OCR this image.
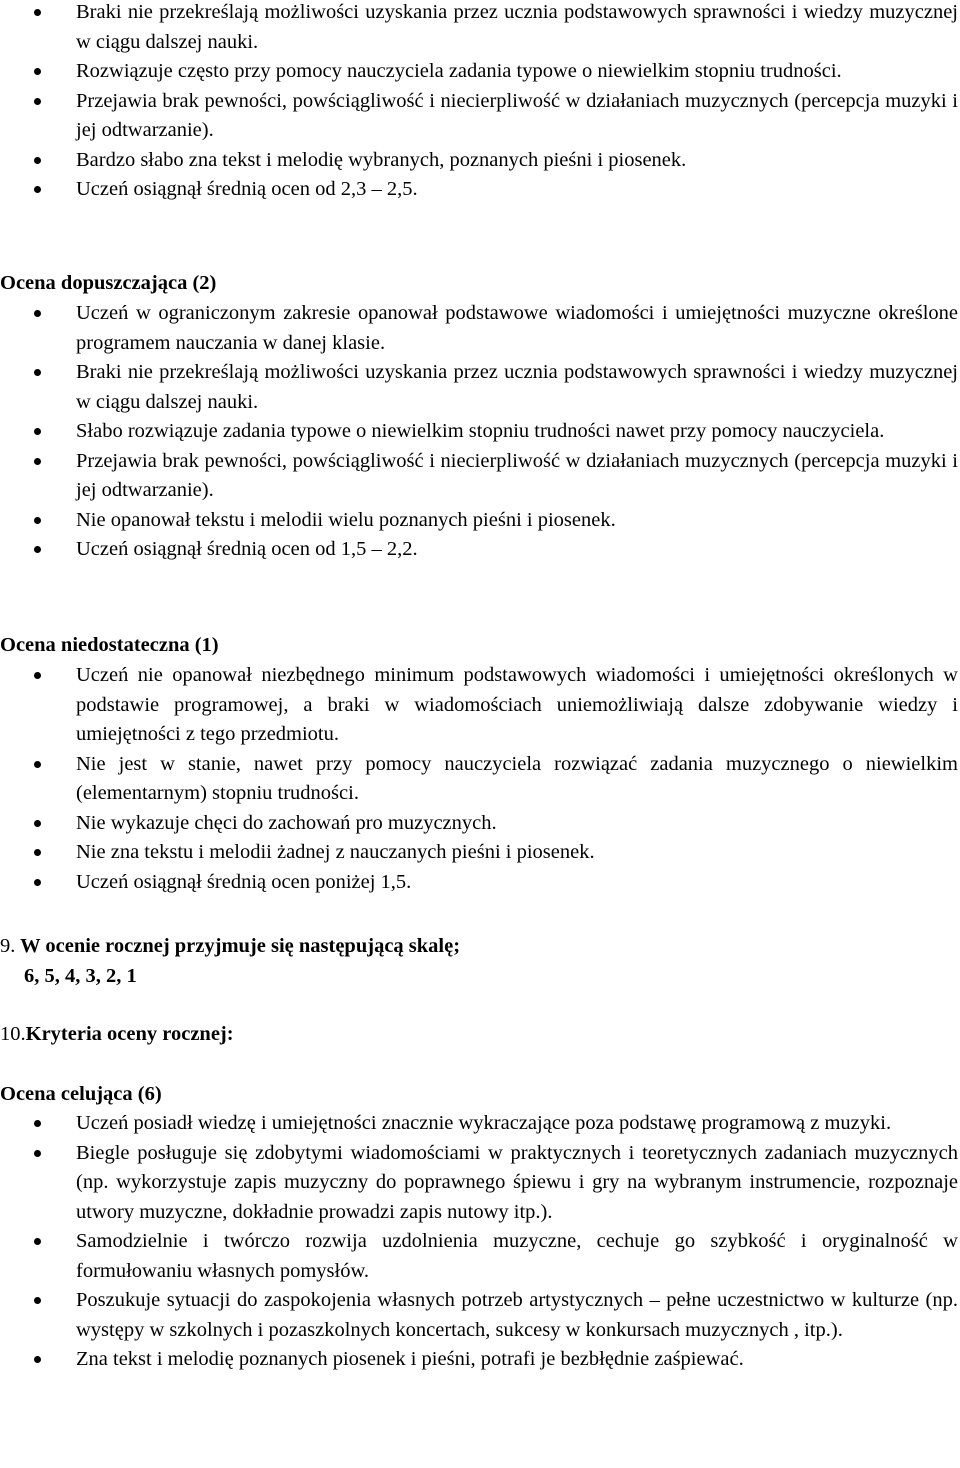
Braki nie przekreślają możliwości uzyskania przez ucznia podstawowych sprawności i wiedzy muzycznej w ciągu dalszej nauki.
Rozwiązuje często przy pomocy nauczyciela zadania typowe o niewielkim stopniu trudności.
Przejawia brak pewności, powściągliwość i niecierpliwość w działaniach muzycznych (percepcja muzyki i jej odtwarzanie).
Bardzo słabo zna tekst i melodię wybranych, poznanych pieśni i piosenek.
Uczeń osiągnął średnią ocen od 2,3 – 2,5.
Ocena dopuszczająca (2)
Uczeń w ograniczonym zakresie opanował podstawowe wiadomości i umiejętności muzyczne określone programem nauczania w danej klasie.
Braki nie przekreślają możliwości uzyskania przez ucznia podstawowych sprawności i wiedzy muzycznej w ciągu dalszej nauki.
Słabo rozwiązuje zadania typowe o niewielkim stopniu trudności nawet przy pomocy nauczyciela.
Przejawia brak pewności, powściągliwość i niecierpliwość w działaniach muzycznych (percepcja muzyki i jej odtwarzanie).
Nie opanował tekstu i melodii wielu poznanych pieśni i piosenek.
Uczeń osiągnął średnią ocen od 1,5 – 2,2.
Ocena niedostateczna (1)
Uczeń nie opanował niezbędnego minimum podstawowych wiadomości i umiejętności określonych w podstawie programowej, a braki w wiadomościach uniemożliwiają dalsze zdobywanie wiedzy i umiejętności z tego przedmiotu.
Nie jest w stanie, nawet przy pomocy nauczyciela rozwiązać zadania muzycznego o niewielkim (elementarnym) stopniu trudności.
Nie wykazuje chęci do zachowań pro muzycznych.
Nie zna tekstu i melodii żadnej z nauczanych pieśni i piosenek.
Uczeń osiągnął średnią ocen poniżej 1,5.
9. W ocenie rocznej przyjmuje się następującą skalę;
6, 5, 4, 3, 2, 1
10.Kryteria oceny rocznej:
Ocena celująca (6)
Uczeń posiadł wiedzę i umiejętności znacznie wykraczające poza podstawę programową z muzyki.
Biegle posługuje się zdobytymi wiadomościami w praktycznych i teoretycznych zadaniach muzycznych (np. wykorzystuje zapis muzyczny do poprawnego śpiewu i gry na wybranym instrumencie, rozpoznaje utwory muzyczne, dokładnie prowadzi zapis nutowy itp.).
Samodzielnie i twórczo rozwija uzdolnienia muzyczne, cechuje go szybkość i oryginalność w formułowaniu własnych pomysłów.
Poszukuje sytuacji do zaspokojenia własnych potrzeb artystycznych – pełne uczestnictwo w kulturze (np. występy w szkolnych i pozaszkolnych koncertach, sukcesy w konkursach muzycznych , itp.).
Zna tekst i melodię poznanych piosenek i pieśni, potrafi je bezbłędnie zaśpiewać.
